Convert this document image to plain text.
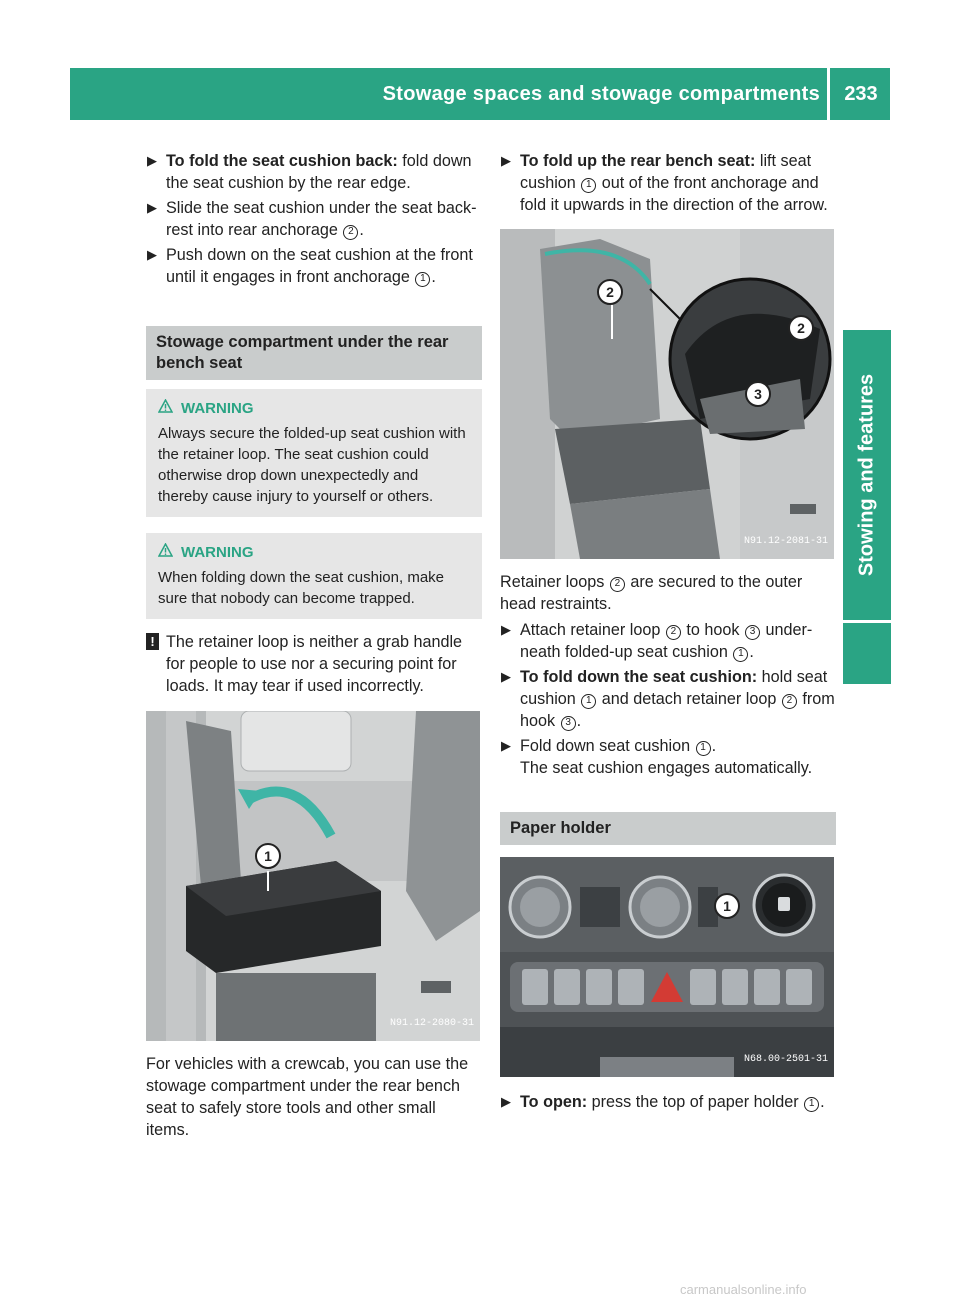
Stowage spaces and stowage compartments	233
Stowing and features
▶ To fold the seat cushion back: fold down the seat cushion by the rear edge.
▶ Slide the seat cushion under the seat back-rest into rear anchorage 2 .
▶ Push down on the seat cushion at the front until it engages in front anchorage 1 .
Stowage compartment under the rear bench seat
WARNING
Always secure the folded-up seat cushion with the retainer loop. The seat cushion could otherwise drop down unexpectedly and thereby cause injury to yourself or others.
WARNING
When folding down the seat cushion, make sure that nobody can become trapped.
! The retainer loop is neither a grab handle for people to use nor a securing point for loads. It may tear if used incorrectly.
1
N91.12-2080-31
For vehicles with a crewcab, you can use the stowage compartment under the rear bench seat to safely store tools and other small items.
▶ To fold up the rear bench seat: lift seat cushion 1 out of the front anchorage and fold it upwards in the direction of the arrow.
2
2
3
N91.12-2081-31
Retainer loops 2 are secured to the outer head restraints.
▶ Attach retainer loop 2 to hook 3 under-neath folded-up seat cushion 1 .
▶ To fold down the seat cushion: hold seat cushion 1 and detach retainer loop 2 from hook 3 .
▶ Fold down seat cushion 1 .
The seat cushion engages automatically.
Paper holder
1
N68.00-2501-31
▶ To open: press the top of paper holder 1 .
carmanualsonline.info
